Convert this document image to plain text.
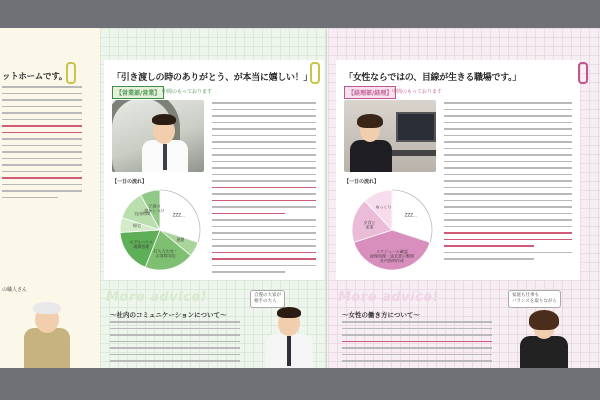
ットホームです。
の職人さん
「引き渡しの時のありがとう、が本当に嬉しい！」
【営業部/営業】 中間のもっております
【一日の流れ】
ZZZ...
通勤
打ち合わせ・お客様対応
モデルハウス現場管理
帰宅
自由時間
子供の寝かしつけ
More advice!
〜社内のコミュニケーションについて〜
自慢の大家が
相手の大人
「女性ならではの、目線が生きる職場です。」
【経理部/経理】 中間のもっております
【一日の流れ】
ZZZ...
スケジュール確認経理処理・請求書の整理社内資料作成
夕食と家事
ゆっくり
More advice!
〜女性の働き方について〜
家庭も仕事も
バランスを取りながら
